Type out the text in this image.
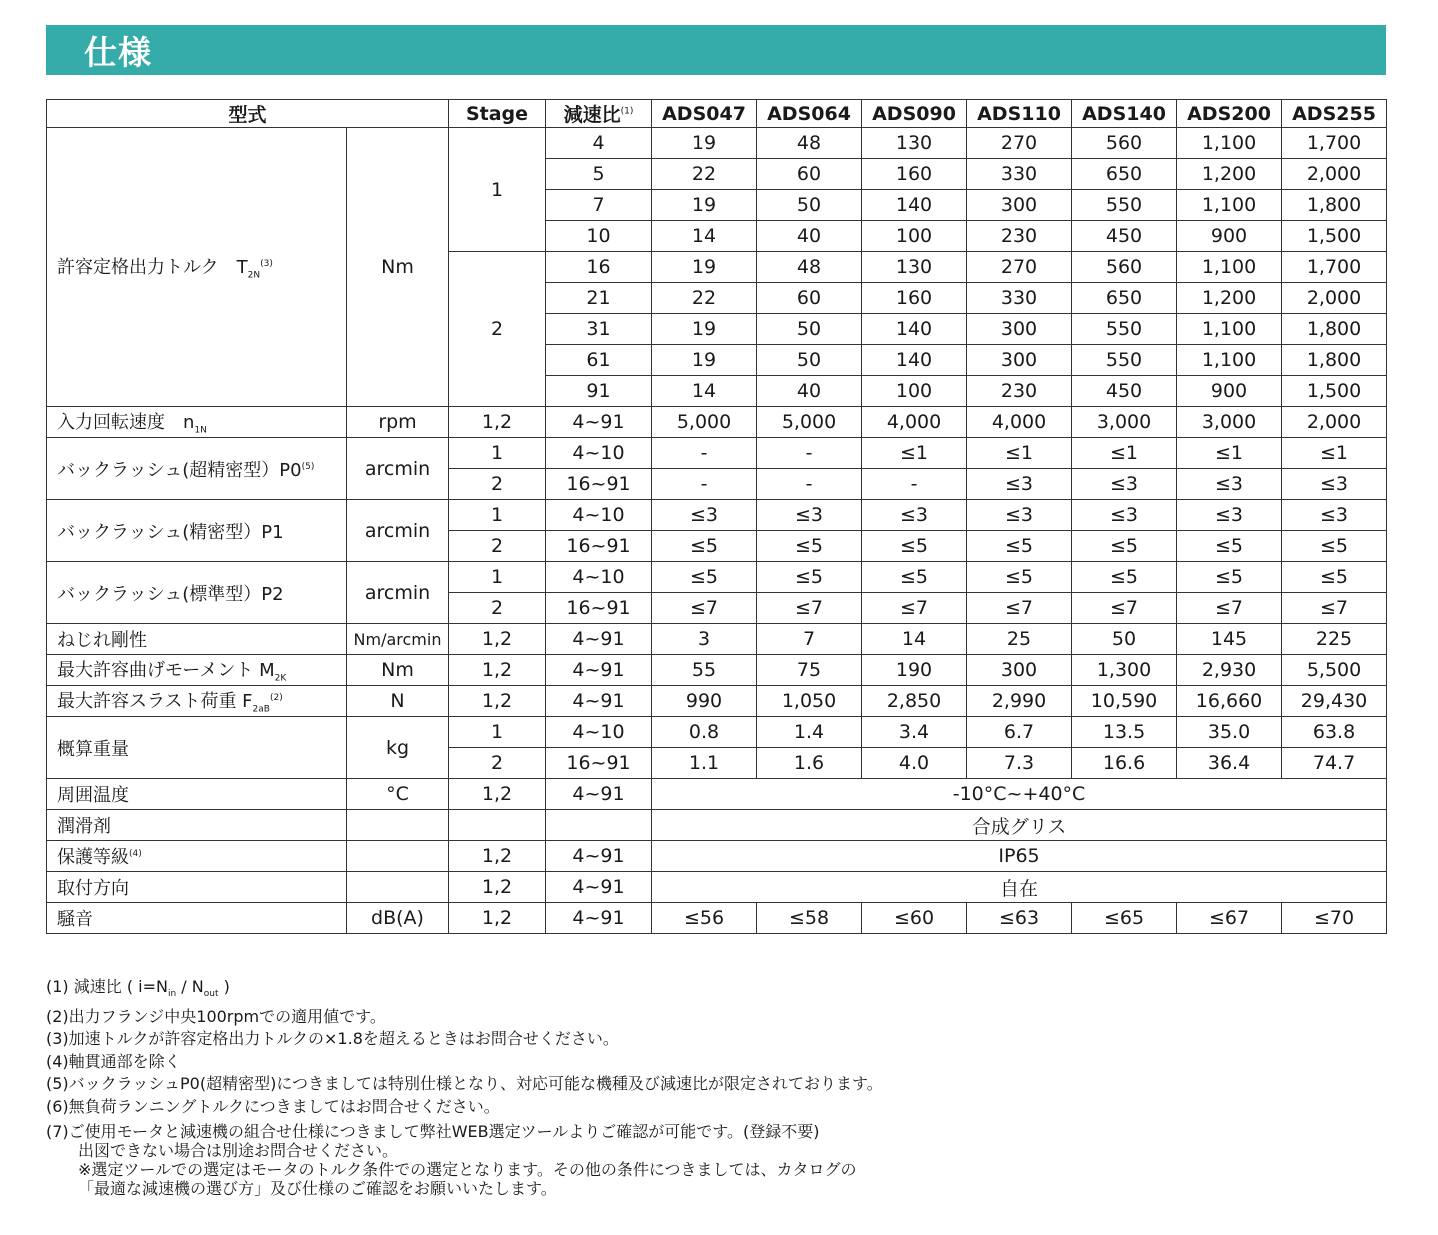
仕様
型式		Stage	減速比$^{(1)}$	ADS047	ADS064	ADS090	ADS110	ADS140	ADS200	ADS255
許容定格出力トルク　$T_{2N}^{(3)}$	Nm	1	4	19	48	130	270	560	1,100	1,700
			5	22	60	160	330	650	1,200	2,000
			7	19	50	140	300	550	1,100	1,800
			10	14	40	100	230	450	900	1,500
		2	16	19	48	130	270	560	1,100	1,700
			21	22	60	160	330	650	1,200	2,000
			31	19	50	140	300	550	1,100	1,800
			61	19	50	140	300	550	1,100	1,800
			91	14	40	100	230	450	900	1,500
入力回転速度　$n_{1N}$	rpm	1,2	4~91	5,000	5,000	4,000	4,000	3,000	3,000	2,000
バックラッシュ(超精密型）P0$^{(5)}$	arcmin	1	4~10	-	-	≤1	≤1	≤1	≤1	≤1
		2	16~91	-	-	-	≤3	≤3	≤3	≤3
バックラッシュ(精密型）P1	arcmin	1	4~10	≤3	≤3	≤3	≤3	≤3	≤3	≤3
		2	16~91	≤5	≤5	≤5	≤5	≤5	≤5	≤5
バックラッシュ(標準型）P2	arcmin	1	4~10	≤5	≤5	≤5	≤5	≤5	≤5	≤5
		2	16~91	≤7	≤7	≤7	≤7	≤7	≤7	≤7
ねじれ剛性	Nm/arcmin	1,2	4~91	3	7	14	25	50	145	225
最大許容曲げモーメント $M_{2K}$	Nm	1,2	4~91	55	75	190	300	1,300	2,930	5,500
最大許容スラスト荷重 $F_{2aB}^{(2)}$	N	1,2	4~91	990	1,050	2,850	2,990	10,590	16,660	29,430
概算重量	kg	1	4~10	0.8	1.4	3.4	6.7	13.5	35.0	63.8
		2	16~91	1.1	1.6	4.0	7.3	16.6	36.4	74.7
周囲温度	°C	1,2	4~91	-10°C~+40°C						
潤滑剤				合成グリス						
保護等級$^{(4)}$		1,2	4~91	IP65						
取付方向		1,2	4~91	自在						
騒音	dB(A)	1,2	4~91	≤56	≤58	≤60	≤63	≤65	≤67	≤70
(1) 減速比 ( $i=N_{in} / N_{out}$ )
(2)出力フランジ中央100rpmでの適用値です。
(3)加速トルクが許容定格出力トルクの×1.8を超えるときはお問合せください。
(4)軸貫通部を除く
(5)バックラッシュP0(超精密型)につきましては特別仕様となり、対応可能な機種及び減速比が限定されております。
(6)無負荷ランニングトルクにつきましてはお問合せください。
(7)ご使用モータと減速機の組合せ仕様につきまして弊社WEB選定ツールよりご確認が可能です。(登録不要)
出図できない場合は別途お問合せください。
※選定ツールでの選定はモータのトルク条件での選定となります。その他の条件につきましては、カタログの
「最適な減速機の選び方」及び仕様のご確認をお願いいたします。
